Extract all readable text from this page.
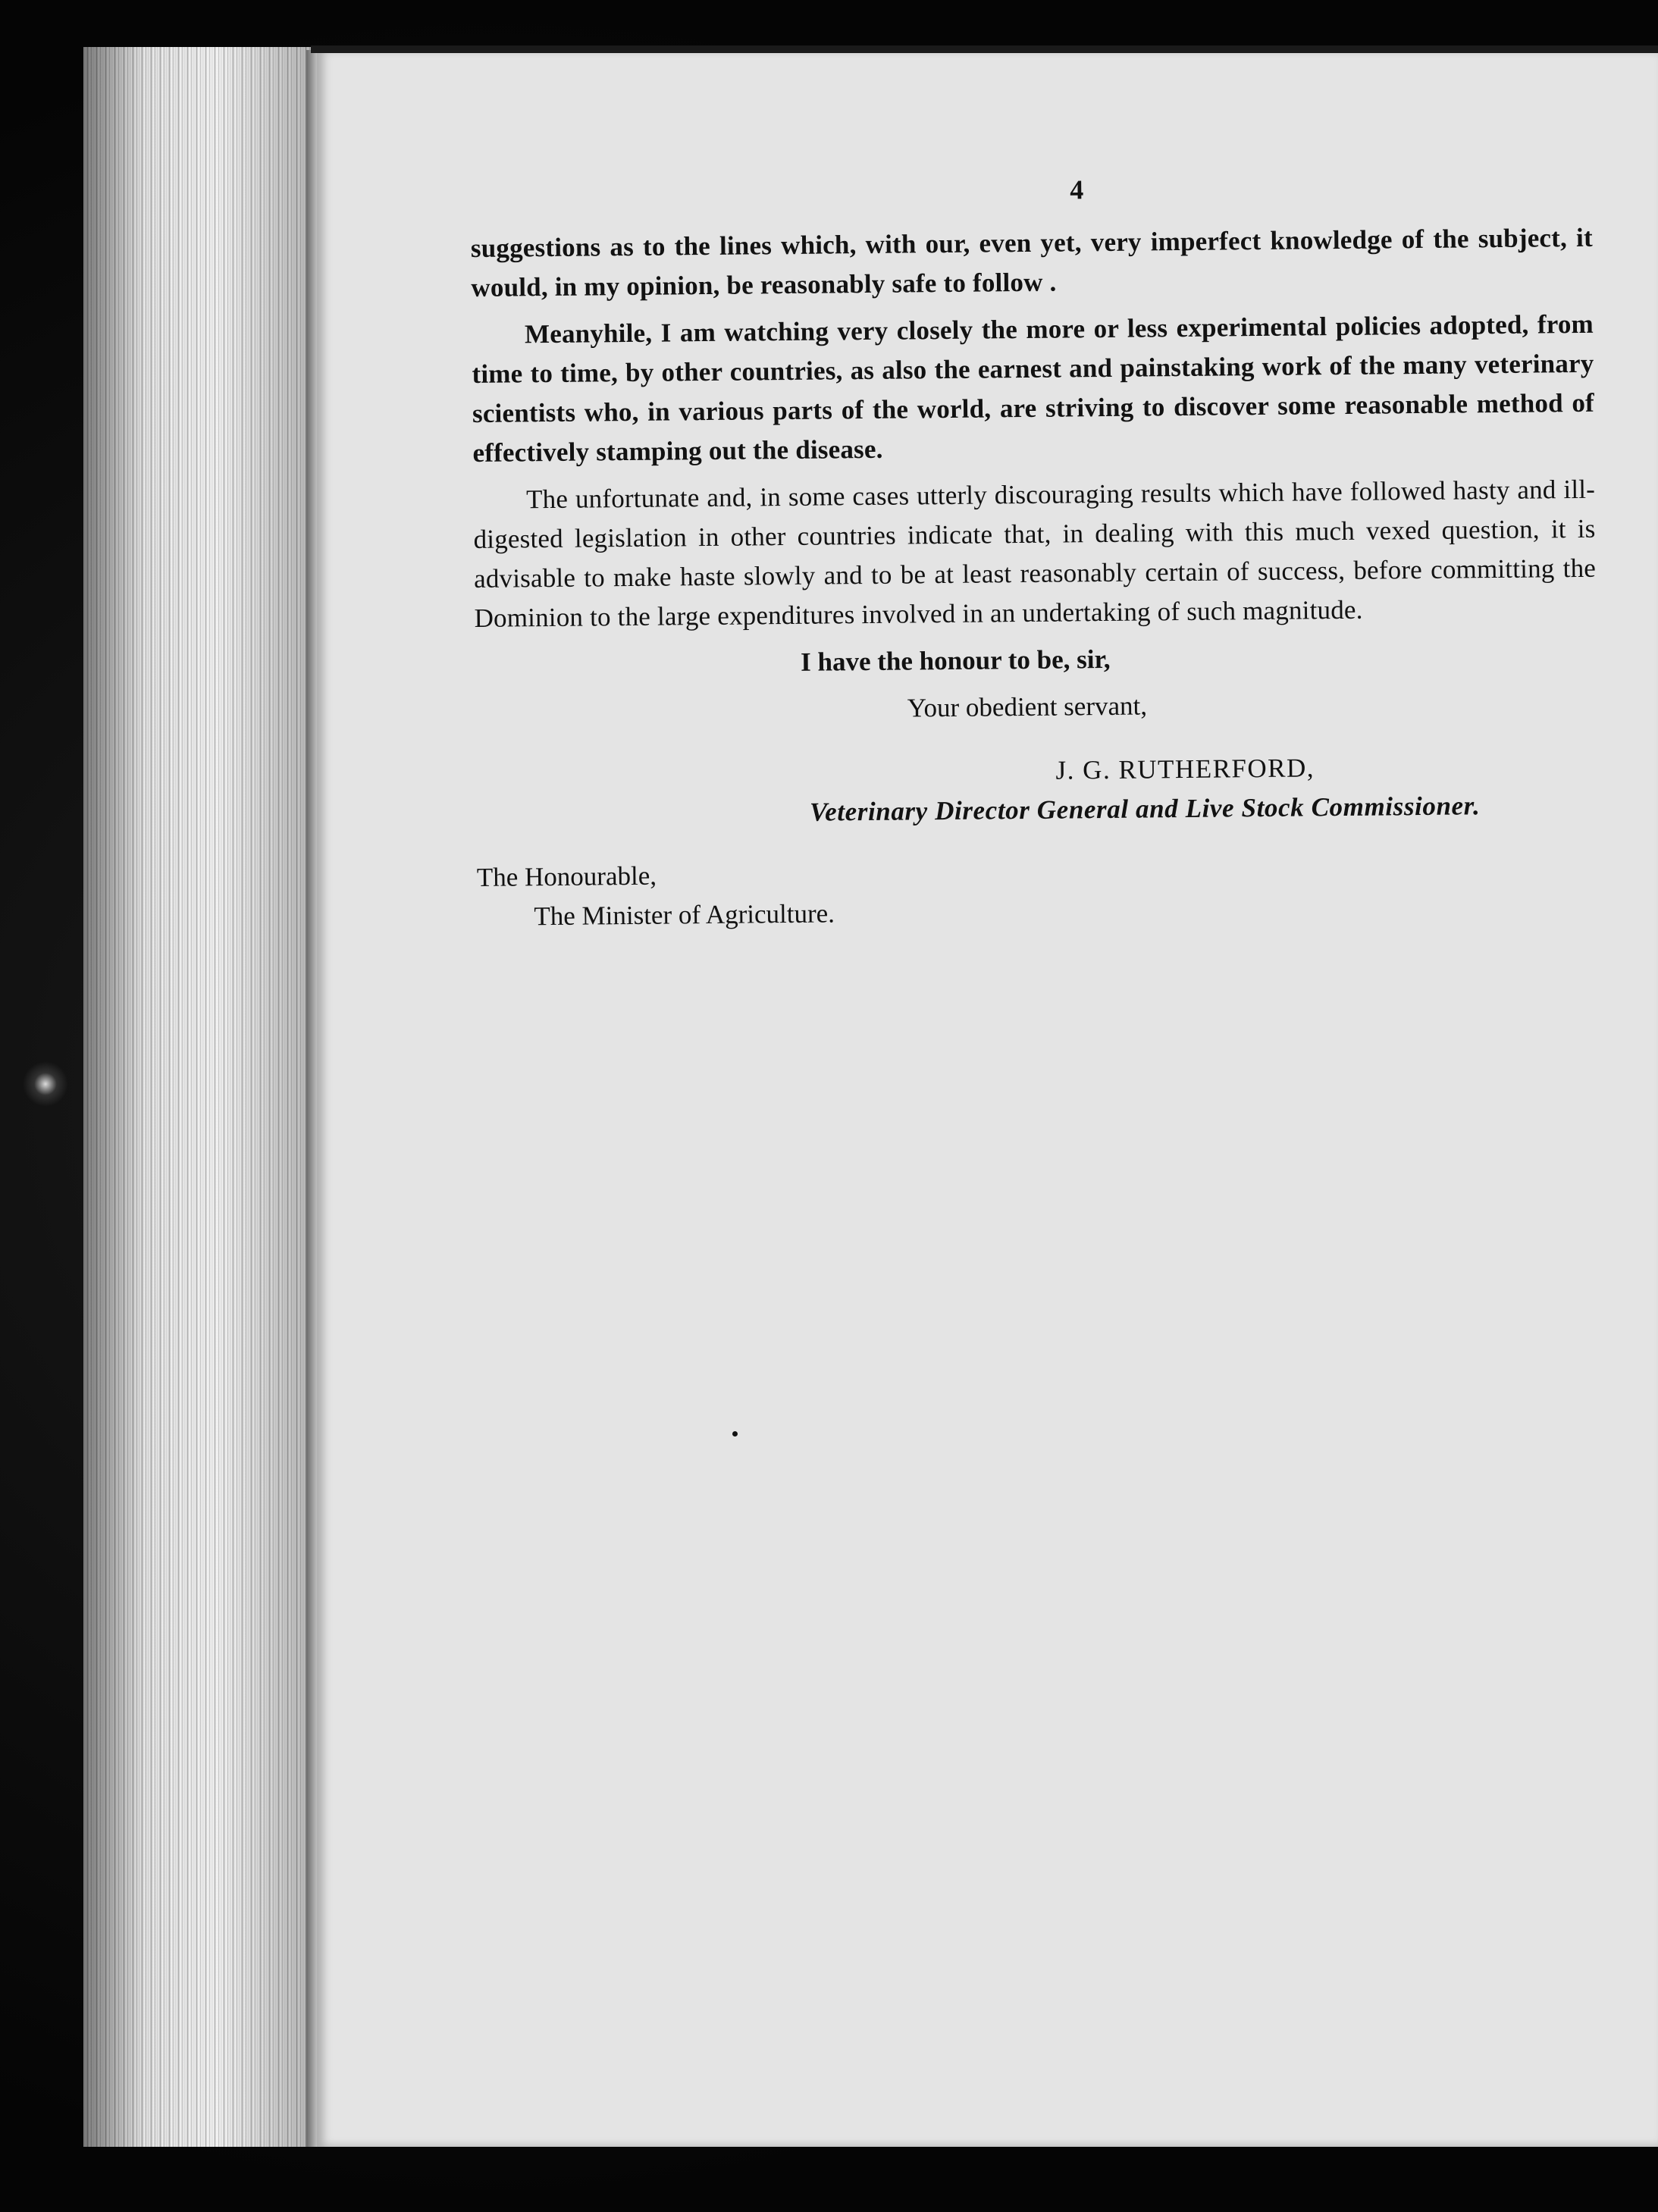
4

suggestions as to the lines which, with our, even yet, very imperfect knowledge of the subject, it would, in my opinion, be reasonably safe to follow .

Meanyhile, I am watching very closely the more or less experimental policies adopted, from time to time, by other countries, as also the earnest and painstaking work of the many veterinary scientists who, in various parts of the world, are striving to discover some reasonable method of effectively stamping out the disease.

The unfortunate and, in some cases utterly discouraging results which have followed hasty and ill-digested legislation in other countries indicate that, in dealing with this much vexed question, it is advisable to make haste slowly and to be at least reasonably certain of success, before committing the Dominion to the large expenditures involved in an undertaking of such magnitude.

I have the honour to be, sir,

Your obedient servant,

J. G. RUTHERFORD,

Veterinary Director General and Live Stock Commissioner.

The Honourable,

The Minister of Agriculture.
